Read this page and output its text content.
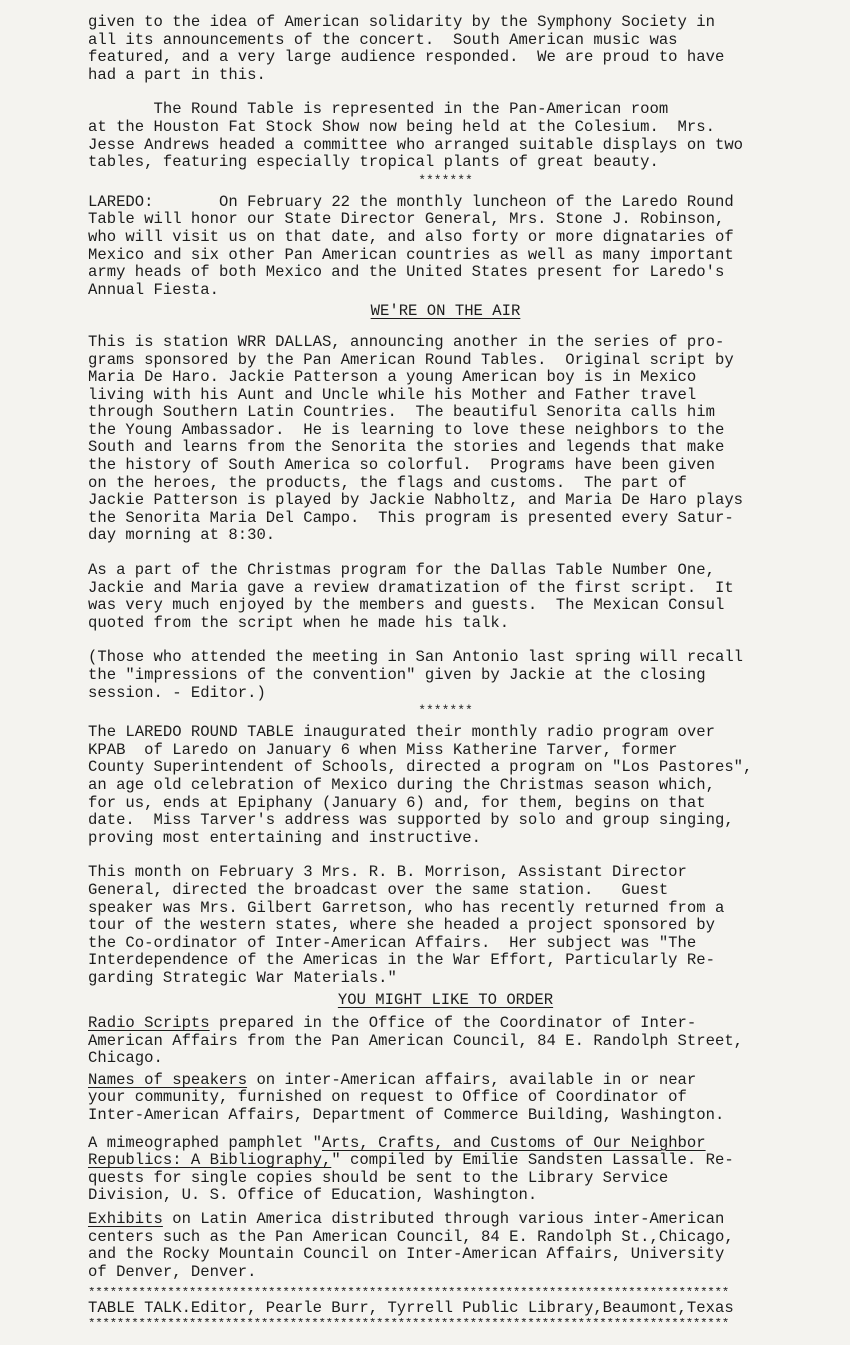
given to the idea of American solidarity by the Symphony Society in
all its announcements of the concert.  South American music was
featured, and a very large audience responded.  We are proud to have
had a part in this.

The Round Table is represented in the Pan-American room
at the Houston Fat Stock Show now being held at the Colesium.  Mrs.
Jesse Andrews headed a committee who arranged suitable displays on two
tables, featuring especially tropical plants of great beauty.

*******

LAREDO:       On February 22 the monthly luncheon of the Laredo Round
Table will honor our State Director General, Mrs. Stone J. Robinson,
who will visit us on that date, and also forty or more dignataries of
Mexico and six other Pan American countries as well as many important
army heads of both Mexico and the United States present for Laredo's
Annual Fiesta.

WE'RE ON THE AIR

This is station WRR DALLAS, announcing another in the series of pro-
grams sponsored by the Pan American Round Tables.  Original script by
Maria De Haro. Jackie Patterson a young American boy is in Mexico
living with his Aunt and Uncle while his Mother and Father travel
through Southern Latin Countries.  The beautiful Senorita calls him
the Young Ambassador.  He is learning to love these neighbors to the
South and learns from the Senorita the stories and legends that make
the history of South America so colorful.  Programs have been given
on the heroes, the products, the flags and customs.  The part of
Jackie Patterson is played by Jackie Nabholtz, and Maria De Haro plays
the Senorita Maria Del Campo.  This program is presented every Satur-
day morning at 8:30.

As a part of the Christmas program for the Dallas Table Number One,
Jackie and Maria gave a review dramatization of the first script.  It
was very much enjoyed by the members and guests.  The Mexican Consul
quoted from the script when he made his talk.

(Those who attended the meeting in San Antonio last spring will recall
the "impressions of the convention" given by Jackie at the closing
session. - Editor.)

*******

The LAREDO ROUND TABLE inaugurated their monthly radio program over
KPAB  of Laredo on January 6 when Miss Katherine Tarver, former
County Superintendent of Schools, directed a program on "Los Pastores",
an age old celebration of Mexico during the Christmas season which,
for us, ends at Epiphany (January 6) and, for them, begins on that
date.  Miss Tarver's address was supported by solo and group singing,
proving most entertaining and instructive.

This month on February 3 Mrs. R. B. Morrison, Assistant Director
General, directed the broadcast over the same station.   Guest
speaker was Mrs. Gilbert Garretson, who has recently returned from a
tour of the western states, where she headed a project sponsored by
the Co-ordinator of Inter-American Affairs.  Her subject was "The
Interdependence of the Americas in the War Effort, Particularly Re-
garding Strategic War Materials."

YOU MIGHT LIKE TO ORDER

Radio Scripts prepared in the Office of the Coordinator of Inter-
American Affairs from the Pan American Council, 84 E. Randolph Street,
Chicago.

Names of speakers on inter-American affairs, available in or near
your community, furnished on request to Office of Coordinator of
Inter-American Affairs, Department of Commerce Building, Washington.

A mimeographed pamphlet "Arts, Crafts, and Customs of Our Neighbor
Republics: A Bibliography," compiled by Emilie Sandsten Lassalle. Re-
quests for single copies should be sent to the Library Service
Division, U. S. Office of Education, Washington.

Exhibits on Latin America distributed through various inter-American
centers such as the Pan American Council, 84 E. Randolph St.,Chicago,
and the Rocky Mountain Council on Inter-American Affairs, University
of Denver, Denver.

*****************************************************************************************

TABLE TALK.Editor, Pearle Burr, Tyrrell Public Library,Beaumont,Texas

*****************************************************************************************
